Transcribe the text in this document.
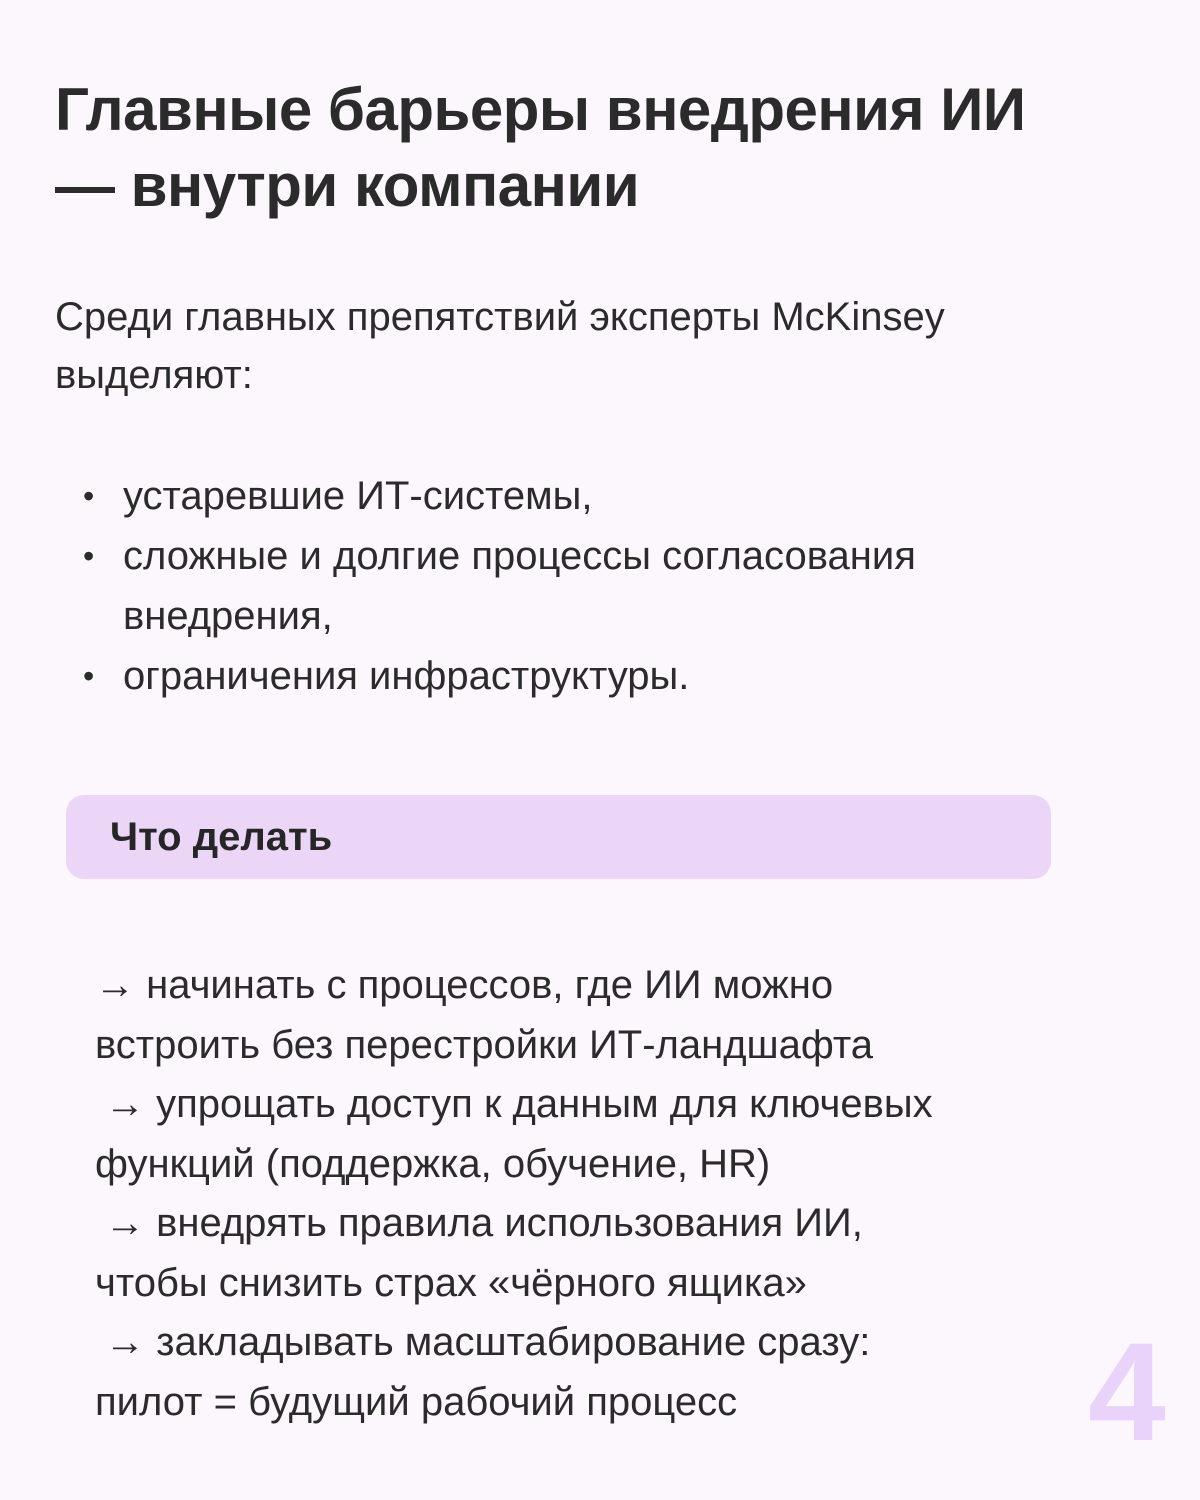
Главные барьеры внедрения ИИ
— внутри компании

Среди главных препятствий эксперты McKinsey
выделяют:

• устаревшие ИТ-системы,
• сложные и долгие процессы согласования
внедрения,
• ограничения инфраструктуры.
Что делать

→ начинать с процессов, где ИИ можно
встроить без перестройки ИТ-ландшафта
→ упрощать доступ к данным для ключевых
функций (поддержка, обучение, HR)
→ внедрять правила использования ИИ,
чтобы снизить страх «чёрного ящика»
→ закладывать масштабирование сразу:
пилот = будущий рабочий процесс	4
